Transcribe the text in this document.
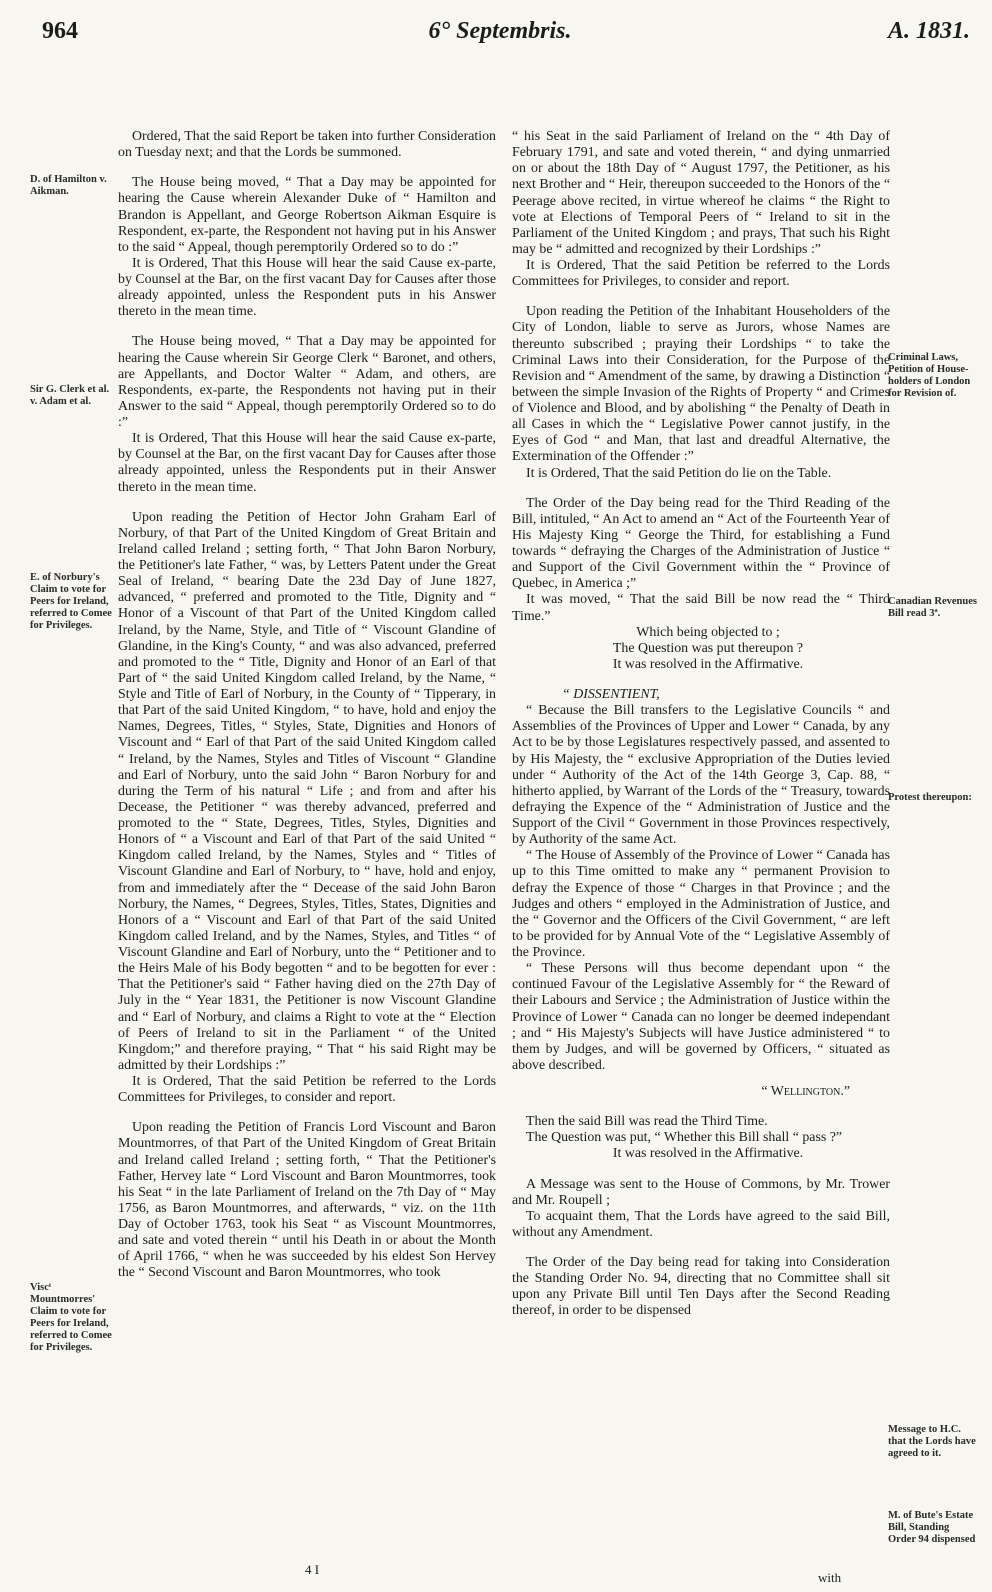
964	6° Septembris.	A. 1831.
D. of Hamilton v. Aikman.
Sir G. Clerk et al. v. Adam et al.
E. of Norbury's Claim to vote for Peers for Ireland, referred to Comee for Privileges.
Viscᵗ Mountmorres' Claim to vote for Peers for Ireland, referred to Comee for Privileges.
Criminal Laws, Petition of House-holders of London for Revision of.
Canadian Revenues Bill read 3ª.
Protest thereupon:
Message to H.C. that the Lords have agreed to it.
M. of Bute's Estate Bill, Standing Order 94 dispensed

Ordered, That the said Report be taken into further Consideration on Tuesday next; and that the Lords be summoned.

The House being moved, “ That a Day may be appointed for hearing the Cause wherein Alexander Duke of “ Hamilton and Brandon is Appellant, and George Robertson Aikman Esquire is Respondent, ex-parte, the Respondent not having put in his Answer to the said “ Appeal, though peremptorily Ordered so to do :”

It is Ordered, That this House will hear the said Cause ex-parte, by Counsel at the Bar, on the first vacant Day for Causes after those already appointed, unless the Respondent puts in his Answer thereto in the mean time.

The House being moved, “ That a Day may be appointed for hearing the Cause wherein Sir George Clerk “ Baronet, and others, are Appellants, and Doctor Walter “ Adam, and others, are Respondents, ex-parte, the Respondents not having put in their Answer to the said “ Appeal, though peremptorily Ordered so to do :”

It is Ordered, That this House will hear the said Cause ex-parte, by Counsel at the Bar, on the first vacant Day for Causes after those already appointed, unless the Respondents put in their Answer thereto in the mean time.

Upon reading the Petition of Hector John Graham Earl of Norbury, of that Part of the United Kingdom of Great Britain and Ireland called Ireland ; setting forth, “ That John Baron Norbury, the Petitioner's late Father, “ was, by Letters Patent under the Great Seal of Ireland, “ bearing Date the 23d Day of June 1827, advanced, “ preferred and promoted to the Title, Dignity and “ Honor of a Viscount of that Part of the United Kingdom called Ireland, by the Name, Style, and Title of “ Viscount Glandine of Glandine, in the King's County, “ and was also advanced, preferred and promoted to the “ Title, Dignity and Honor of an Earl of that Part of “ the said United Kingdom called Ireland, by the Name, “ Style and Title of Earl of Norbury, in the County of “ Tipperary, in that Part of the said United Kingdom, “ to have, hold and enjoy the Names, Degrees, Titles, “ Styles, State, Dignities and Honors of Viscount and “ Earl of that Part of the said United Kingdom called “ Ireland, by the Names, Styles and Titles of Viscount “ Glandine and Earl of Norbury, unto the said John “ Baron Norbury for and during the Term of his natural “ Life ; and from and after his Decease, the Petitioner “ was thereby advanced, preferred and promoted to the “ State, Degrees, Titles, Styles, Dignities and Honors of “ a Viscount and Earl of that Part of the said United “ Kingdom called Ireland, by the Names, Styles and “ Titles of Viscount Glandine and Earl of Norbury, to “ have, hold and enjoy, from and immediately after the “ Decease of the said John Baron Norbury, the Names, “ Degrees, Styles, Titles, States, Dignities and Honors of a “ Viscount and Earl of that Part of the said United Kingdom called Ireland, and by the Names, Styles, and Titles “ of Viscount Glandine and Earl of Norbury, unto the “ Petitioner and to the Heirs Male of his Body begotten “ and to be begotten for ever : That the Petitioner's said “ Father having died on the 27th Day of July in the “ Year 1831, the Petitioner is now Viscount Glandine and “ Earl of Norbury, and claims a Right to vote at the “ Election of Peers of Ireland to sit in the Parliament “ of the United Kingdom;” and therefore praying, “ That “ his said Right may be admitted by their Lordships :”

It is Ordered, That the said Petition be referred to the Lords Committees for Privileges, to consider and report.

Upon reading the Petition of Francis Lord Viscount and Baron Mountmorres, of that Part of the United Kingdom of Great Britain and Ireland called Ireland ; setting forth, “ That the Petitioner's Father, Hervey late “ Lord Viscount and Baron Mountmorres, took his Seat “ in the late Parliament of Ireland on the 7th Day of “ May 1756, as Baron Mountmorres, and afterwards, “ viz. on the 11th Day of October 1763, took his Seat “ as Viscount Mountmorres, and sate and voted therein “ until his Death in or about the Month of April 1766, “ when he was succeeded by his eldest Son Hervey the “ Second Viscount and Baron Mountmorres, who took

“ his Seat in the said Parliament of Ireland on the “ 4th Day of February 1791, and sate and voted therein, “ and dying unmarried on or about the 18th Day of “ August 1797, the Petitioner, as his next Brother and “ Heir, thereupon succeeded to the Honors of the “ Peerage above recited, in virtue whereof he claims “ the Right to vote at Elections of Temporal Peers of “ Ireland to sit in the Parliament of the United Kingdom ; and prays, That such his Right may be “ admitted and recognized by their Lordships :”

It is Ordered, That the said Petition be referred to the Lords Committees for Privileges, to consider and report.

Upon reading the Petition of the Inhabitant Householders of the City of London, liable to serve as Jurors, whose Names are thereunto subscribed ; praying their Lordships “ to take the Criminal Laws into their Consideration, for the Purpose of the Revision and “ Amendment of the same, by drawing a Distinction “ between the simple Invasion of the Rights of Property “ and Crimes of Violence and Blood, and by abolishing “ the Penalty of Death in all Cases in which the “ Legislative Power cannot justify, in the Eyes of God “ and Man, that last and dreadful Alternative, the Extermination of the Offender :”

It is Ordered, That the said Petition do lie on the Table.

The Order of the Day being read for the Third Reading of the Bill, intituled, “ An Act to amend an “ Act of the Fourteenth Year of His Majesty King “ George the Third, for establishing a Fund towards “ defraying the Charges of the Administration of Justice “ and Support of the Civil Government within the “ Province of Quebec, in America ;”

It was moved, “ That the said Bill be now read the “ Third Time.”

Which being objected to ;

The Question was put thereupon ?

It was resolved in the Affirmative.

“ DISSENTIENT,

“ Because the Bill transfers to the Legislative Councils “ and Assemblies of the Provinces of Upper and Lower “ Canada, by any Act to be by those Legislatures respectively passed, and assented to by His Majesty, the “ exclusive Appropriation of the Duties levied under “ Authority of the Act of the 14th George 3, Cap. 88, “ hitherto applied, by Warrant of the Lords of the “ Treasury, towards defraying the Expence of the “ Administration of Justice and the Support of the Civil “ Government in those Provinces respectively, by Authority of the same Act.

“ The House of Assembly of the Province of Lower “ Canada has up to this Time omitted to make any “ permanent Provision to defray the Expence of those “ Charges in that Province ; and the Judges and others “ employed in the Administration of Justice, and the “ Governor and the Officers of the Civil Government, “ are left to be provided for by Annual Vote of the “ Legislative Assembly of the Province.

“ These Persons will thus become dependant upon “ the continued Favour of the Legislative Assembly for “ the Reward of their Labours and Service ; the Administration of Justice within the Province of Lower “ Canada can no longer be deemed independant ; and “ His Majesty's Subjects will have Justice administered “ to them by Judges, and will be governed by Officers, “ situated as above described.

“ Wellington.”

Then the said Bill was read the Third Time.

The Question was put, “ Whether this Bill shall “ pass ?”

It was resolved in the Affirmative.

A Message was sent to the House of Commons, by Mr. Trower and Mr. Roupell ;

To acquaint them, That the Lords have agreed to the said Bill, without any Amendment.

The Order of the Day being read for taking into Consideration the Standing Order No. 94, directing that no Committee shall sit upon any Private Bill until Ten Days after the Second Reading thereof, in order to be dispensed

4 I
with
